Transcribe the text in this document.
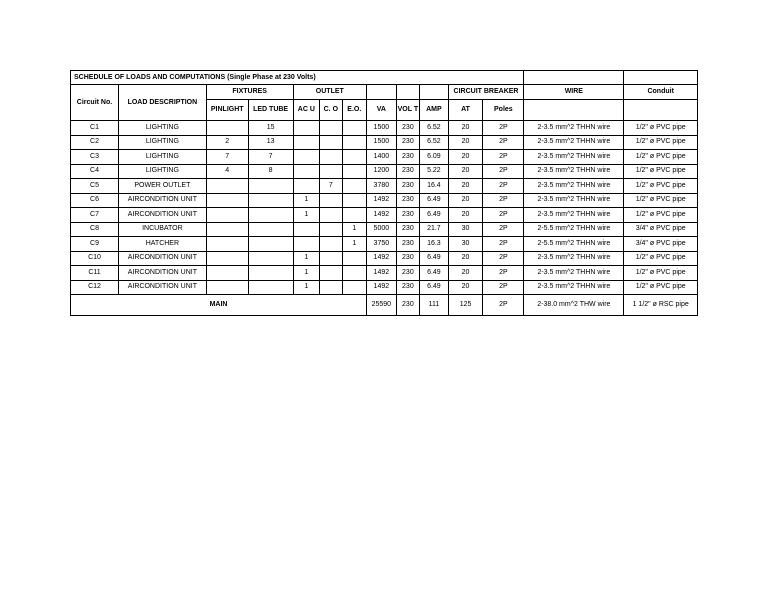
SCHEDULE OF LOADS AND COMPUTATIONS (Single Phase at 230 Volts)													
Circuit No.	LOAD DESCRIPTION	FIXTURES		OUTLET						CIRCUIT BREAKER		WIRE	Conduit
		PINLIGHT	LED TUBE	AC U	C. O	E.O.	VA	VOL T	AMP	AT	Poles		
C1	LIGHTING		15				1500	230	6.52	20	2P	2-3.5 mm^2 THHN wire	1/2" ø PVC pipe
C2	LIGHTING	2	13				1500	230	6.52	20	2P	2-3.5 mm^2 THHN wire	1/2" ø PVC pipe
C3	LIGHTING	7	7				1400	230	6.09	20	2P	2-3.5 mm^2 THHN wire	1/2" ø PVC pipe
C4	LIGHTING	4	8				1200	230	5.22	20	2P	2-3.5 mm^2 THHN wire	1/2" ø PVC pipe
C5	POWER OUTLET				7		3780	230	16.4	20	2P	2-3.5 mm^2 THHN wire	1/2" ø PVC pipe
C6	AIRCONDITION UNIT			1			1492	230	6.49	20	2P	2-3.5 mm^2 THHN wire	1/2" ø PVC pipe
C7	AIRCONDITION UNIT			1			1492	230	6.49	20	2P	2-3.5 mm^2 THHN wire	1/2" ø PVC pipe
C8	INCUBATOR					1	5000	230	21.7	30	2P	2-5.5 mm^2 THHN wire	3/4" ø PVC pipe
C9	HATCHER					1	3750	230	16.3	30	2P	2-5.5 mm^2 THHN wire	3/4" ø PVC pipe
C10	AIRCONDITION UNIT			1			1492	230	6.49	20	2P	2-3.5 mm^2 THHN wire	1/2" ø PVC pipe
C11	AIRCONDITION UNIT			1			1492	230	6.49	20	2P	2-3.5 mm^2 THHN wire	1/2" ø PVC pipe
C12	AIRCONDITION UNIT			1			1492	230	6.49	20	2P	2-3.5 mm^2 THHN wire	1/2" ø PVC pipe
MAIN							25590	230	111	125	2P	2-38.0 mm^2 THW wire	1 1/2" ø RSC pipe
